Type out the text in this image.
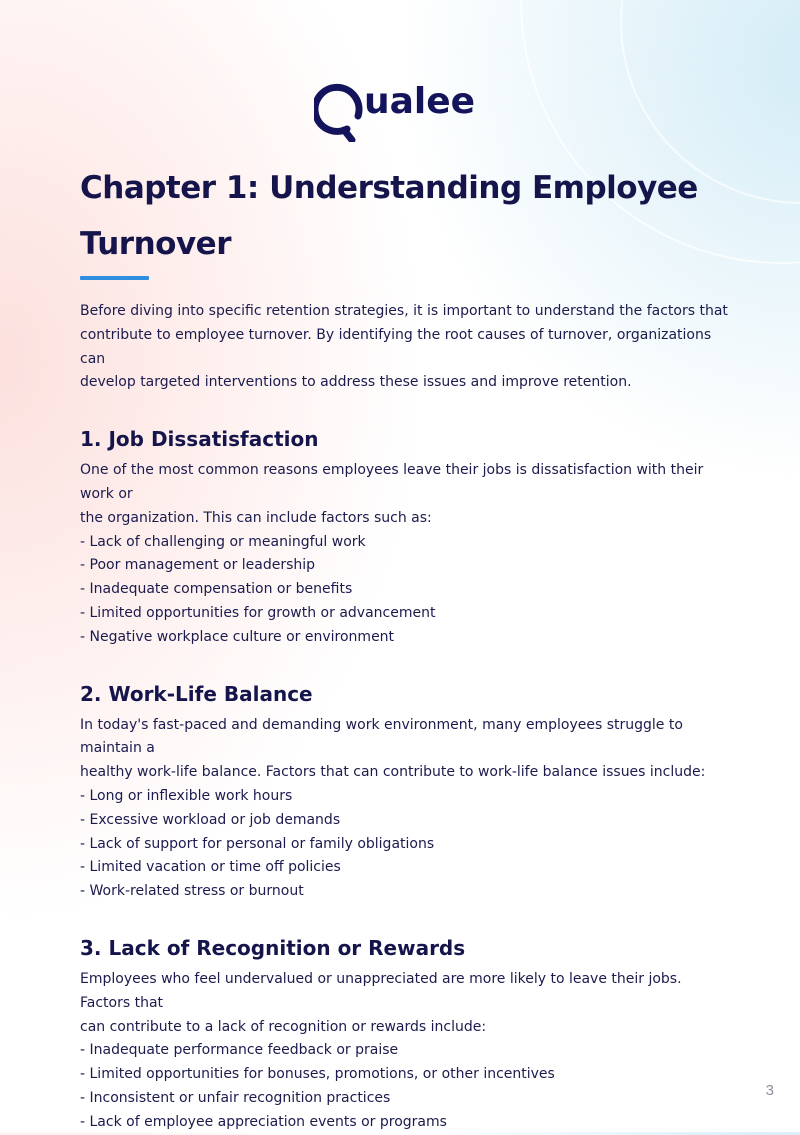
ualee
Chapter 1: Understanding Employee
Turnover

Before diving into specific retention strategies, it is important to understand the factors that

contribute to employee turnover. By identifying the root causes of turnover, organizations can

develop targeted interventions to address these issues and improve retention.

1. Job Dissatisfaction

One of the most common reasons employees leave their jobs is dissatisfaction with their work or

the organization. This can include factors such as:

- Lack of challenging or meaningful work

- Poor management or leadership

- Inadequate compensation or benefits

- Limited opportunities for growth or advancement

- Negative workplace culture or environment

2. Work-Life Balance

In today's fast-paced and demanding work environment, many employees struggle to maintain a

healthy work-life balance. Factors that can contribute to work-life balance issues include:

- Long or inflexible work hours

- Excessive workload or job demands

- Lack of support for personal or family obligations

- Limited vacation or time off policies

- Work-related stress or burnout

3. Lack of Recognition or Rewards

Employees who feel undervalued or unappreciated are more likely to leave their jobs. Factors that

can contribute to a lack of recognition or rewards include:

- Inadequate performance feedback or praise

- Limited opportunities for bonuses, promotions, or other incentives

- Inconsistent or unfair recognition practices

- Lack of employee appreciation events or programs

3
